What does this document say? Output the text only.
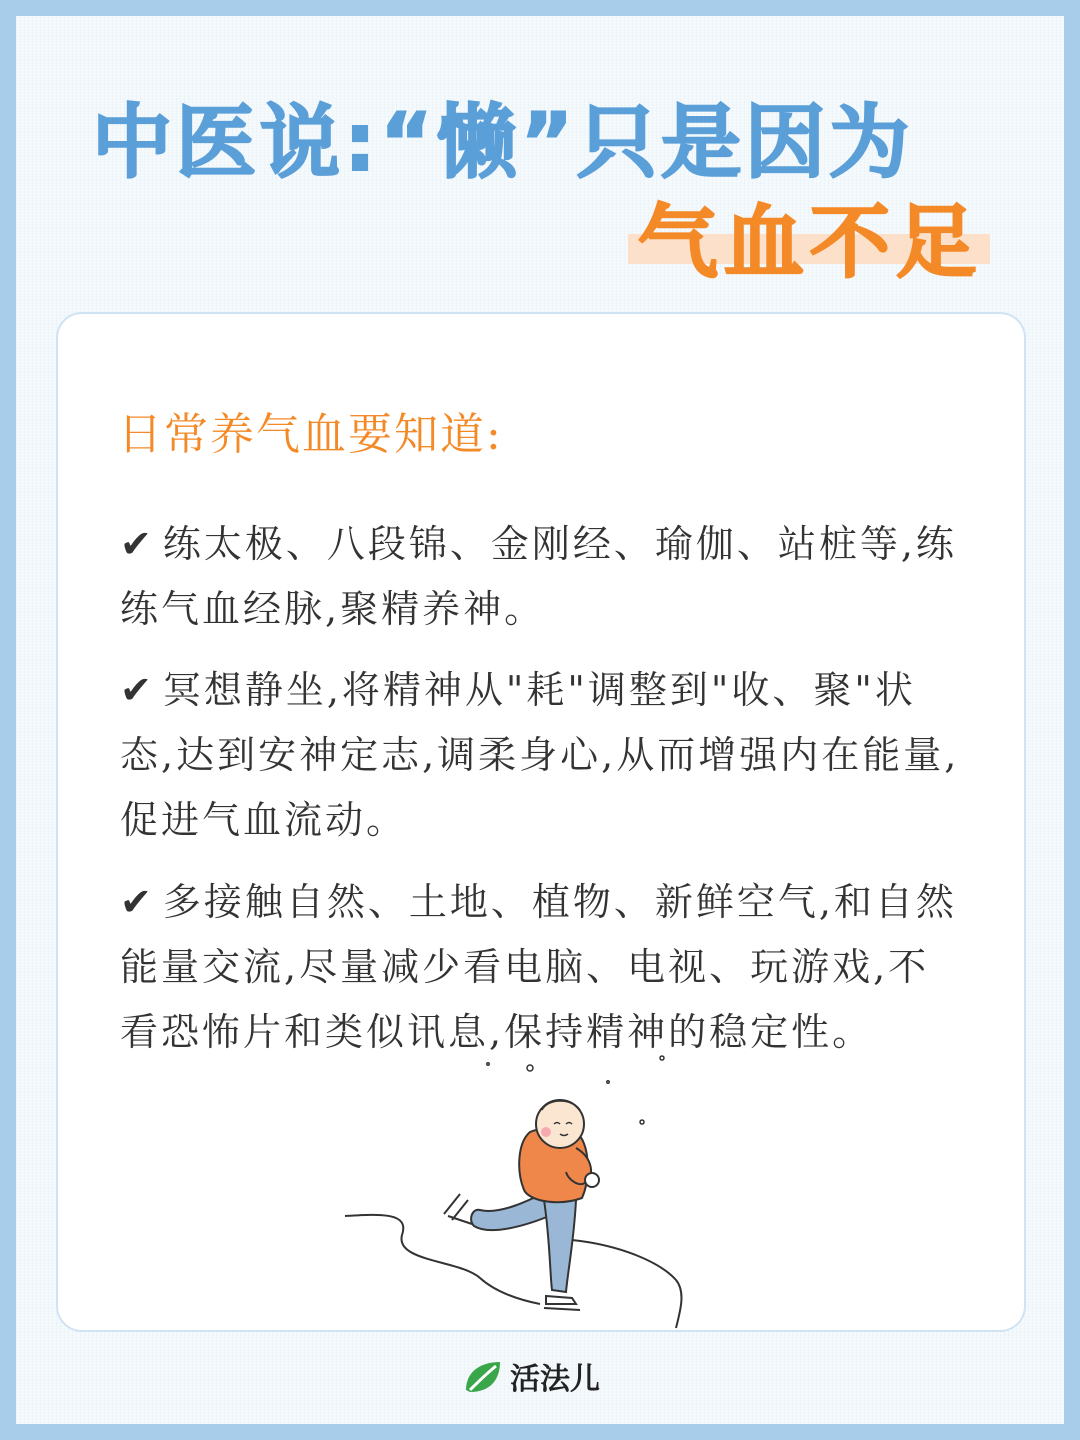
中医说:“懒”只是因为
气血不足
日常养气血要知道:
✔ 练太极、八段锦、金刚经、瑜伽、站桩等,练练气血经脉,聚精养神。
✔ 冥想静坐,将精神从"耗"调整到"收、聚"状态,达到安神定志,调柔身心,从而增强内在能量,促进气血流动。
✔ 多接触自然、土地、植物、新鲜空气,和自然能量交流,尽量减少看电脑、电视、玩游戏,不看恐怖片和类似讯息,保持精神的稳定性。
活法儿
